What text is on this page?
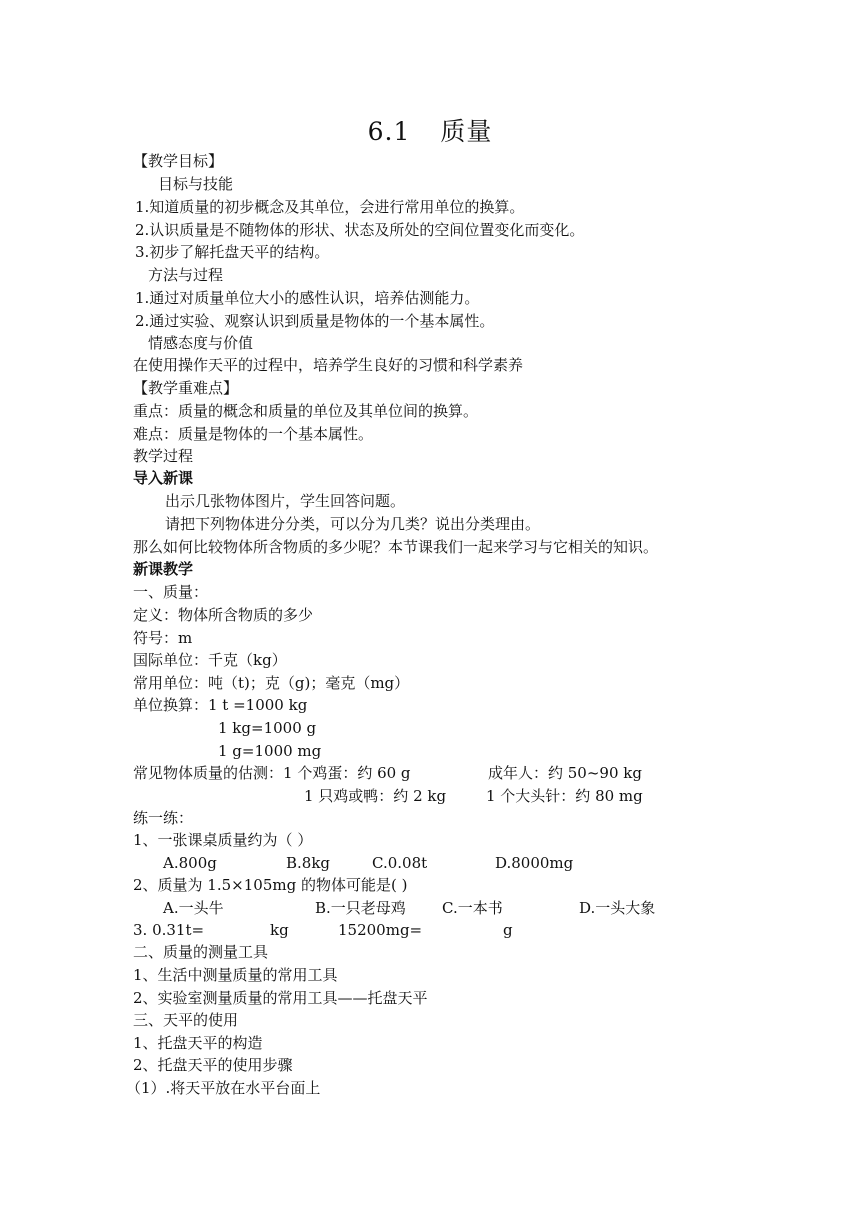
6.1 质量
【教学目标】
目标与技能
1.知道质量的初步概念及其单位，会进行常用单位的换算。
2.认识质量是不随物体的形状、状态及所处的空间位置变化而变化。
3.初步了解托盘天平的结构。
方法与过程
1.通过对质量单位大小的感性认识，培养估测能力。
2.通过实验、观察认识到质量是物体的一个基本属性。
情感态度与价值
在使用操作天平的过程中，培养学生良好的习惯和科学素养
【教学重难点】
重点：质量的概念和质量的单位及其单位间的换算。
难点：质量是物体的一个基本属性。
教学过程
导入新课
出示几张物体图片，学生回答问题。
请把下列物体进分分类，可以分为几类？说出分类理由。
那么如何比较物体所含物质的多少呢？本节课我们一起来学习与它相关的知识。
新课教学
一、质量：
定义：物体所含物质的多少
符号：m
国际单位：千克（kg）
常用单位：吨（t)；克（g)；毫克（mg）
单位换算：1 t =1000 kg
1 kg=1000 g
1 g=1000 mg
常见物体质量的估测：1 个鸡蛋：约 60 g	成年人：约 50~90 kg
1 只鸡或鸭：约 2 kg	1 个大头针：约 80 mg
练一练：
1、一张课桌质量约为（ ）
A.800g	B.8kg	C.0.08t	D.8000mg
2、质量为 1.5×105mg 的物体可能是( )
A.一头牛	B.一只老母鸡 C.一本书	D.一头大象
3. 0.31t=	kg	15200mg=	g
二、质量的测量工具
1、生活中测量质量的常用工具
2、实验室测量质量的常用工具——托盘天平
三、天平的使用
1、托盘天平的构造
2、托盘天平的使用步骤
（1）.将天平放在水平台面上
